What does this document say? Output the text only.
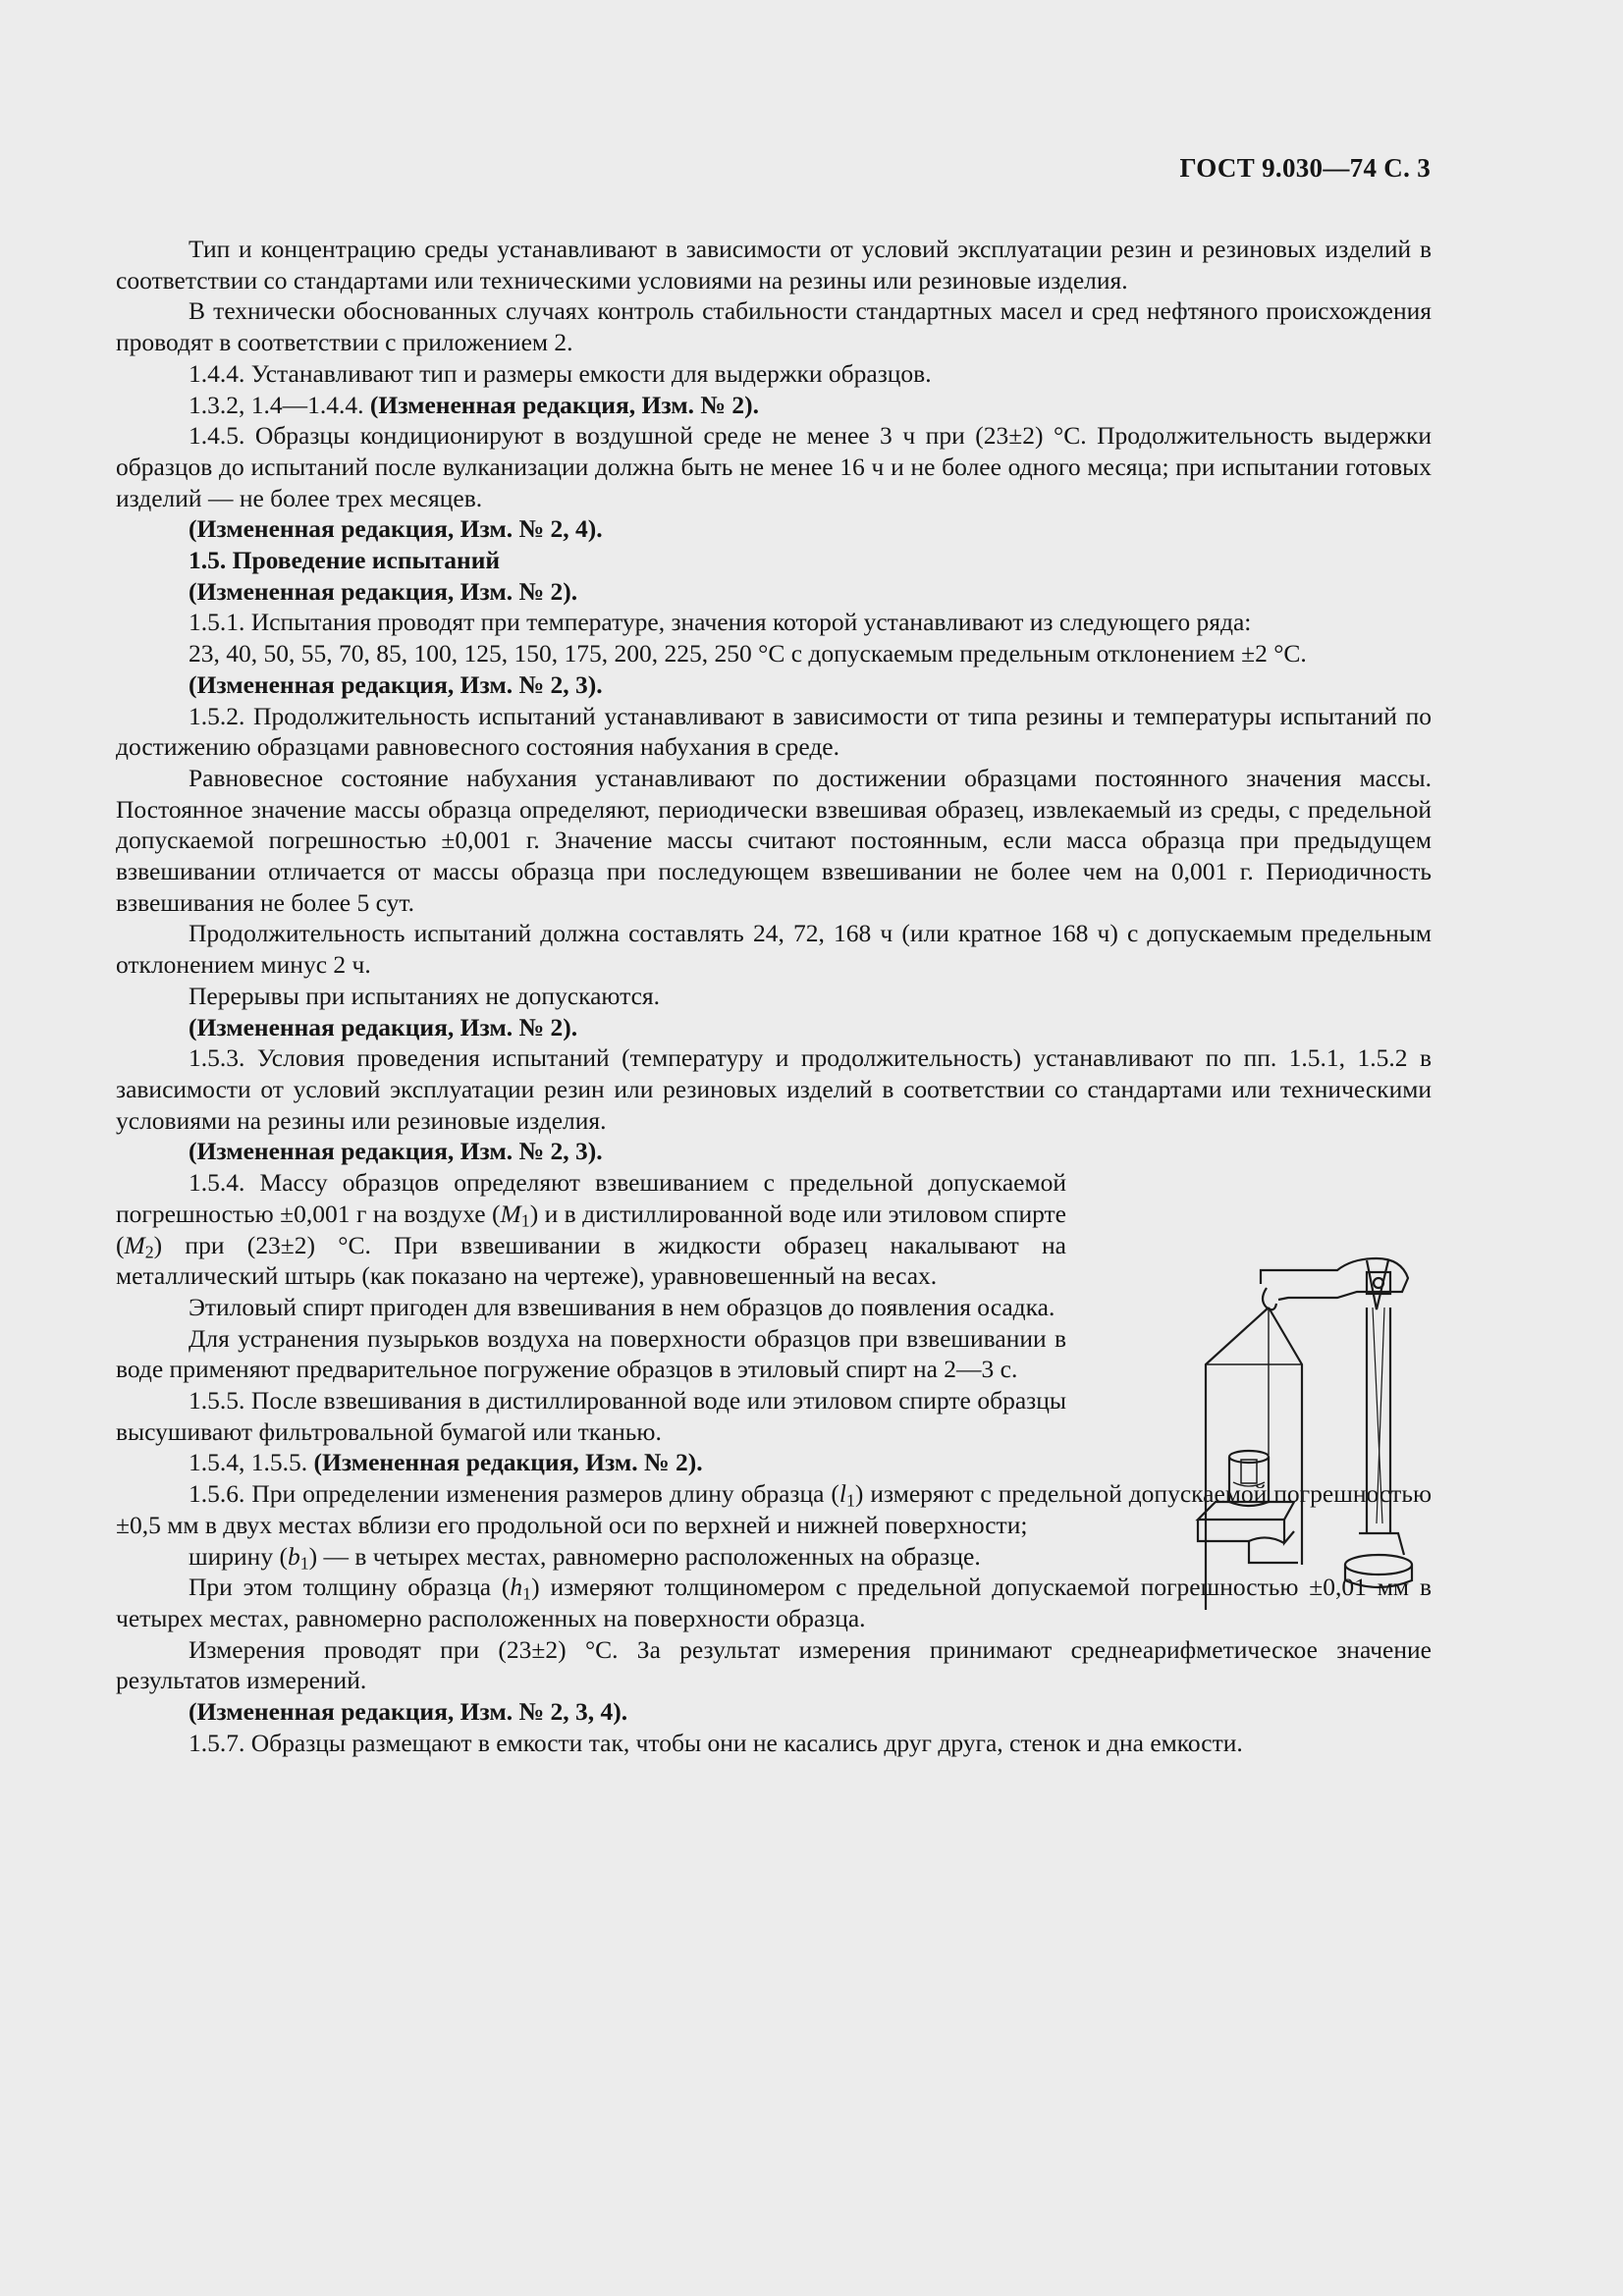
ГОСТ 9.030—74 С. 3

Тип и концентрацию среды устанавливают в зависимости от условий эксплуатации резин и резиновых изделий в соответствии со стандартами или техническими условиями на резины или резиновые изделия.

В технически обоснованных случаях контроль стабильности стандартных масел и сред нефтяного происхождения проводят в соответствии с приложением 2.

1.4.4. Устанавливают тип и размеры емкости для выдержки образцов.

1.3.2, 1.4—1.4.4. (Измененная редакция, Изм. № 2).

1.4.5. Образцы кондиционируют в воздушной среде не менее 3 ч при (23±2) °С. Продолжительность выдержки образцов до испытаний после вулканизации должна быть не менее 16 ч и не более одного месяца; при испытании готовых изделий — не более трех месяцев.

(Измененная редакция, Изм. № 2, 4).

1.5. Проведение испытаний

(Измененная редакция, Изм. № 2).

1.5.1. Испытания проводят при температуре, значения которой устанавливают из следующего ряда:

23, 40, 50, 55, 70, 85, 100, 125, 150, 175, 200, 225, 250 °С с допускаемым предельным отклонением ±2 °С.

(Измененная редакция, Изм. № 2, 3).

1.5.2. Продолжительность испытаний устанавливают в зависимости от типа резины и температуры испытаний по достижению образцами равновесного состояния набухания в среде.

Равновесное состояние набухания устанавливают по достижении образцами постоянного значения массы. Постоянное значение массы образца определяют, периодически взвешивая образец, извлекаемый из среды, с предельной допускаемой погрешностью ±0,001 г. Значение массы считают постоянным, если масса образца при предыдущем взвешивании отличается от массы образца при последующем взвешивании не более чем на 0,001 г. Периодичность взвешивания не более 5 сут.

Продолжительность испытаний должна составлять 24, 72, 168 ч (или кратное 168 ч) с допускаемым предельным отклонением минус 2 ч.

Перерывы при испытаниях не допускаются.

(Измененная редакция, Изм. № 2).

1.5.3. Условия проведения испытаний (температуру и продолжительность) устанавливают по пп. 1.5.1, 1.5.2 в зависимости от условий эксплуатации резин или резиновых изделий в соответствии со стандартами или техническими условиями на резины или резиновые изделия.

(Измененная редакция, Изм. № 2, 3).

1.5.4. Массу образцов определяют взвешиванием с предельной допускаемой погрешностью ±0,001 г на воздухе $(M_1)$ и в дистиллированной воде или этиловом спирте $(M_2)$ при (23±2) °С. При взвешивании в жидкости образец накалывают на металлический штырь (как показано на чертеже), уравновешенный на весах.

Этиловый спирт пригоден для взвешивания в нем образцов до появления осадка.

Для устранения пузырьков воздуха на поверхности образцов при взвешивании в воде применяют предварительное погружение образцов в этиловый спирт на 2—3 с.

1.5.5. После взвешивания в дистиллированной воде или этиловом спирте образцы высушивают фильтровальной бумагой или тканью.

1.5.4, 1.5.5. (Измененная редакция, Изм. № 2).

1.5.6. При определении изменения размеров длину образца $(l_1)$ измеряют с предельной допускаемой погрешностью ±0,5 мм в двух местах вблизи его продольной оси по верхней и нижней поверхности;

ширину $(b_1)$ — в четырех местах, равномерно расположенных на образце.

При этом толщину образца $(h_1)$ измеряют толщиномером с предельной допускаемой погрешностью ±0,01 мм в четырех местах, равномерно расположенных на поверхности образца.

Измерения проводят при (23±2) °С. За результат измерения принимают среднеарифметическое значение результатов измерений.

(Измененная редакция, Изм. № 2, 3, 4).

1.5.7. Образцы размещают в емкости так, чтобы они не касались друг друга, стенок и дна емкости.
